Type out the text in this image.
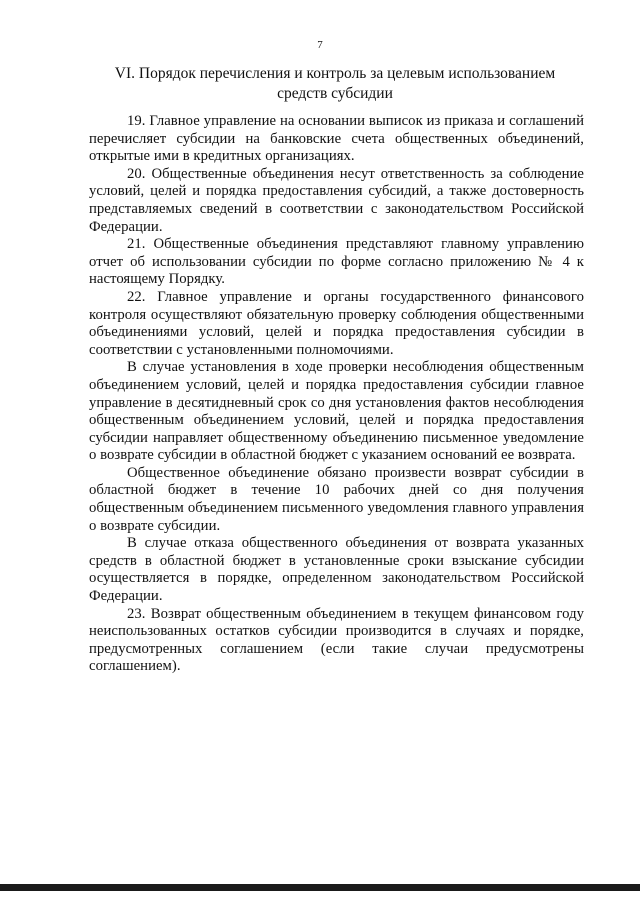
7
VI. Порядок перечисления и контроль за целевым использованием
средств субсидии

19. Главное управление на основании выписок из приказа и соглашений перечисляет субсидии на банковские счета общественных объединений, открытые ими в кредитных организациях.

20. Общественные объединения несут ответственность за соблюдение условий, целей и порядка предоставления субсидий, а также достоверность представляемых сведений в соответствии с законодательством Российской Федерации.

21. Общественные объединения представляют главному управлению отчет об использовании субсидии по форме согласно приложению № 4 к настоящему Порядку.

22. Главное управление и органы государственного финансового контроля осуществляют обязательную проверку соблюдения общественными объединениями условий, целей и порядка предоставления субсидии в соответствии с установленными полномочиями.

В случае установления в ходе проверки несоблюдения общественным объединением условий, целей и порядка предоставления субсидии главное управление в десятидневный срок со дня установления фактов несоблюдения общественным объединением условий, целей и порядка предоставления субсидии направляет общественному объединению письменное уведомление о возврате субсидии в областной бюджет с указанием оснований ее возврата.

Общественное объединение обязано произвести возврат субсидии в областной бюджет в течение 10 рабочих дней со дня получения общественным объединением письменного уведомления главного управления о возврате субсидии.

В случае отказа общественного объединения от возврата указанных средств в областной бюджет в установленные сроки взыскание субсидии осуществляется в порядке, определенном законодательством Российской Федерации.

23. Возврат общественным объединением в текущем финансовом году неиспользованных остатков субсидии производится в случаях и порядке, предусмотренных соглашением (если такие случаи предусмотрены соглашением).
